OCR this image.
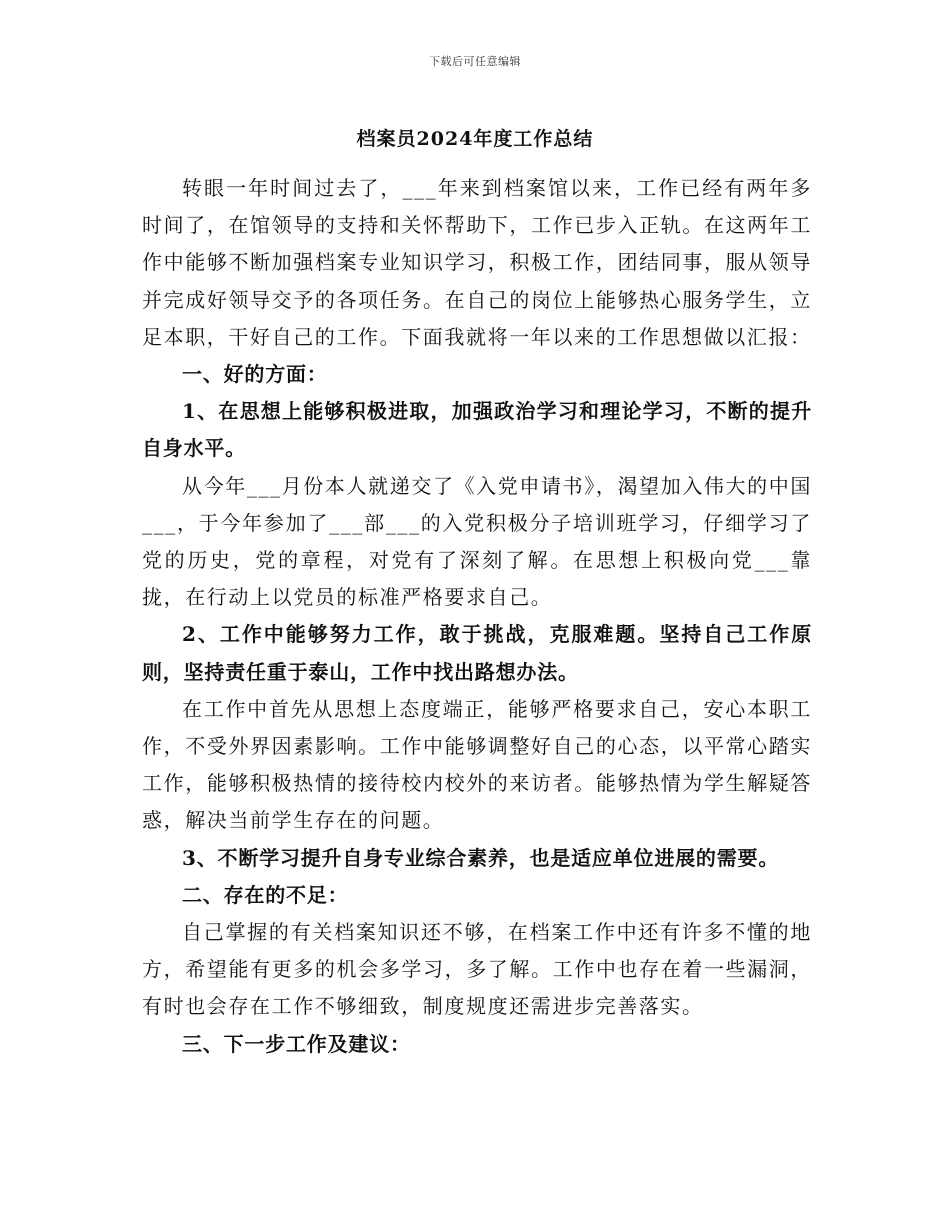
下载后可任意编辑
档案员2024年度工作总结

转眼一年时间过去了，___年来到档案馆以来，工作已经有两年多时间了，在馆领导的支持和关怀帮助下，工作已步入正轨。在这两年工作中能够不断加强档案专业知识学习，积极工作，团结同事，服从领导并完成好领导交予的各项任务。在自己的岗位上能够热心服务学生，立足本职，干好自己的工作。下面我就将一年以来的工作思想做以汇报：

一、好的方面：

1、在思想上能够积极进取，加强政治学习和理论学习，不断的提升自身水平。

从今年___月份本人就递交了《入党申请书》，渴望加入伟大的中国___，于今年参加了___部___的入党积极分子培训班学习，仔细学习了党的历史，党的章程，对党有了深刻了解。在思想上积极向党___靠拢，在行动上以党员的标准严格要求自己。

2、工作中能够努力工作，敢于挑战，克服难题。坚持自己工作原则，坚持责任重于泰山，工作中找出路想办法。

在工作中首先从思想上态度端正，能够严格要求自己，安心本职工作，不受外界因素影响。工作中能够调整好自己的心态，以平常心踏实工作，能够积极热情的接待校内校外的来访者。能够热情为学生解疑答惑，解决当前学生存在的问题。

3、不断学习提升自身专业综合素养，也是适应单位进展的需要。

二、存在的不足：

自己掌握的有关档案知识还不够，在档案工作中还有许多不懂的地方，希望能有更多的机会多学习，多了解。工作中也存在着一些漏洞，有时也会存在工作不够细致，制度规度还需进步完善落实。

三、下一步工作及建议：
